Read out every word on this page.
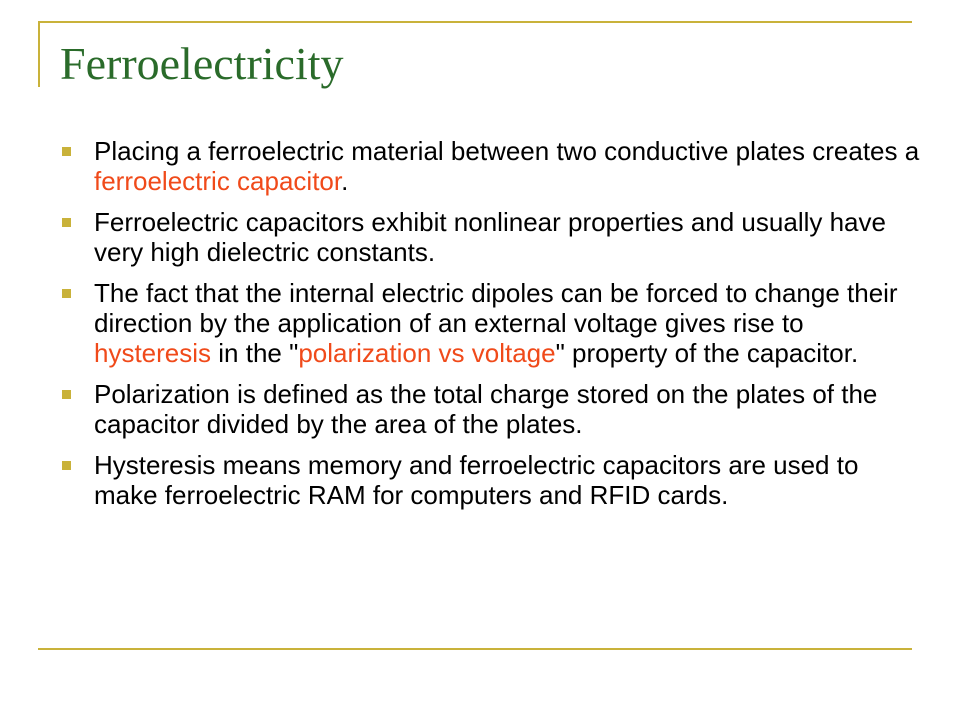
Ferroelectricity
Placing a ferroelectric material between two conductive plates creates a ferroelectric capacitor.
Ferroelectric capacitors exhibit nonlinear properties and usually have very high dielectric constants.
The fact that the internal electric dipoles can be forced to change their direction by the application of an external voltage gives rise to hysteresis in the "polarization vs voltage" property of the capacitor.
Polarization is defined as the total charge stored on the plates of the capacitor divided by the area of the plates.
Hysteresis means memory and ferroelectric capacitors are used to make ferroelectric RAM for computers and RFID cards.
